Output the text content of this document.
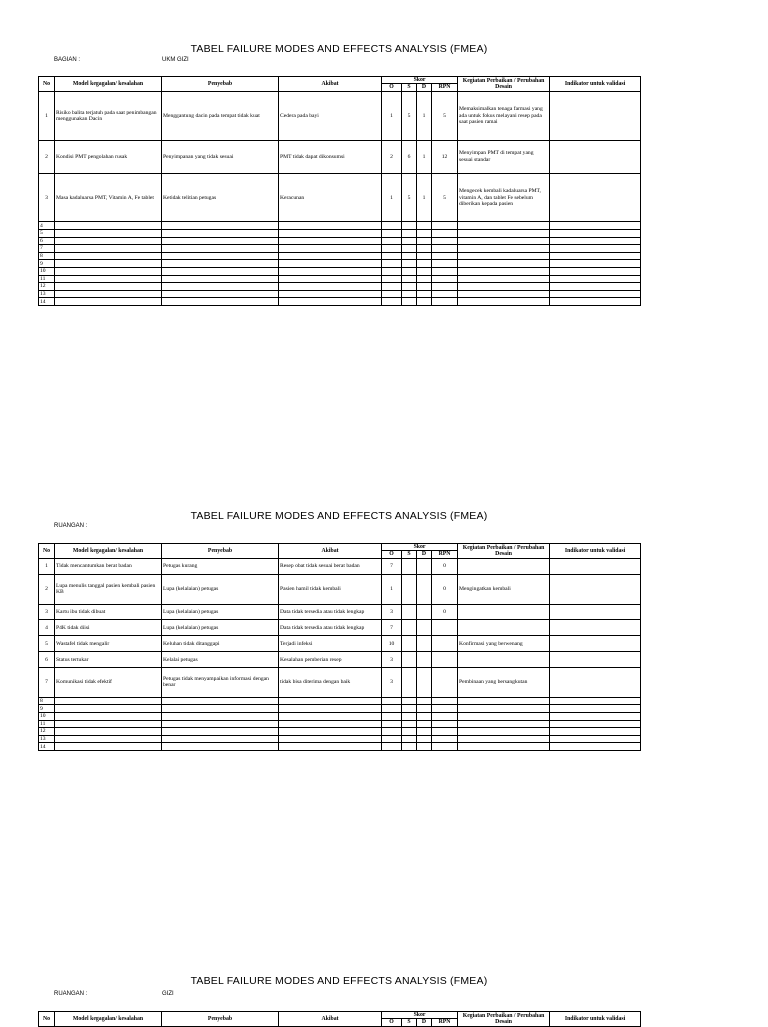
TABEL FAILURE MODES AND EFFECTS ANALYSIS (FMEA)
BAGIAN :	UKM GIZI
No	Model kegagalan/ kesalahan	Penyebab	Akibat	Skor				Kegiatan Perbaikan / Perubahan Desain	Indikator untuk validasi
				O	S	D	RPN		
1	Risiko balita terjatuh pada saat penimbangan menggunakan Dacin	Menggantung dacin pada tempat tidak kuat	Cedera pada bayi	1	5	1	5	Memaksimalkan tenaga farmasi yang ada untuk fokus melayani resep pada saat pasien ramai	
2	Kondisi PMT pengolahan rusak	Penyimpanan yang tidak sesuai	PMT tidak dapat dikonsumsi	2	6	1	12	Menyimpan PMT di tempat yang sesuai standar	
3	Masa kadaluarsa PMT, Vitamin A, Fe tablet	Ketidak telitian petugas	Keracunan	1	5	1	5	Mengecek kembali kadaluarsa PMT, vitamin A, dan tablet Fe sebelum diberikan kepada pasien	
4									
5									
6									
7									
8									
9									
10									
11									
12									
13									
14									
TABEL FAILURE MODES AND EFFECTS ANALYSIS (FMEA)
RUANGAN :
No	Model kegagalan/ kesalahan	Penyebab	Akibat	Skor				Kegiatan Perbaikan / Perubahan Desain	Indikator untuk validasi
				O	S	D	RPN		
1	Tidak mencantumkan berat badan	Petugas kurang	Resep obat tidak sesuai berat badan	7			0		
2	Lupa menulis tanggal pasien kembali pasien KB	Lupa (kelalaian) petugas	Pasien hamil tidak kembali	1			0	Mengingatkan kembali	
3	Kartu ibu tidak dibuat	Lupa (kelalaian) petugas	Data tidak tersedia atau tidak lengkap	3			0		
4	P4K tidak diisi	Lupa (kelalaian) petugas	Data tidak tersedia atau tidak lengkap	7					
5	Wastafel tidak mengalir	Keluhan tidak ditanggapi	Terjadi infeksi	10				Konfirmasi yang berwenang	
6	Status tertukar	Kelalai petugas	Kesalahan pemberian resep	3					
7	Komunikasi tidak efektif	Petugas tidak menyampaikan informasi dengan benar	tidak bisa diterima dengan baik	3				Pembinaan yang bersangkutan	
8									
9									
10									
11									
12									
13									
14									
TABEL FAILURE MODES AND EFFECTS ANALYSIS (FMEA)
RUANGAN :	GIZI
No	Model kegagalan/ kesalahan	Penyebab	Akibat	Skor				Kegiatan Perbaikan / Perubahan Desain	Indikator untuk validasi
				O	S	D	RPN		
